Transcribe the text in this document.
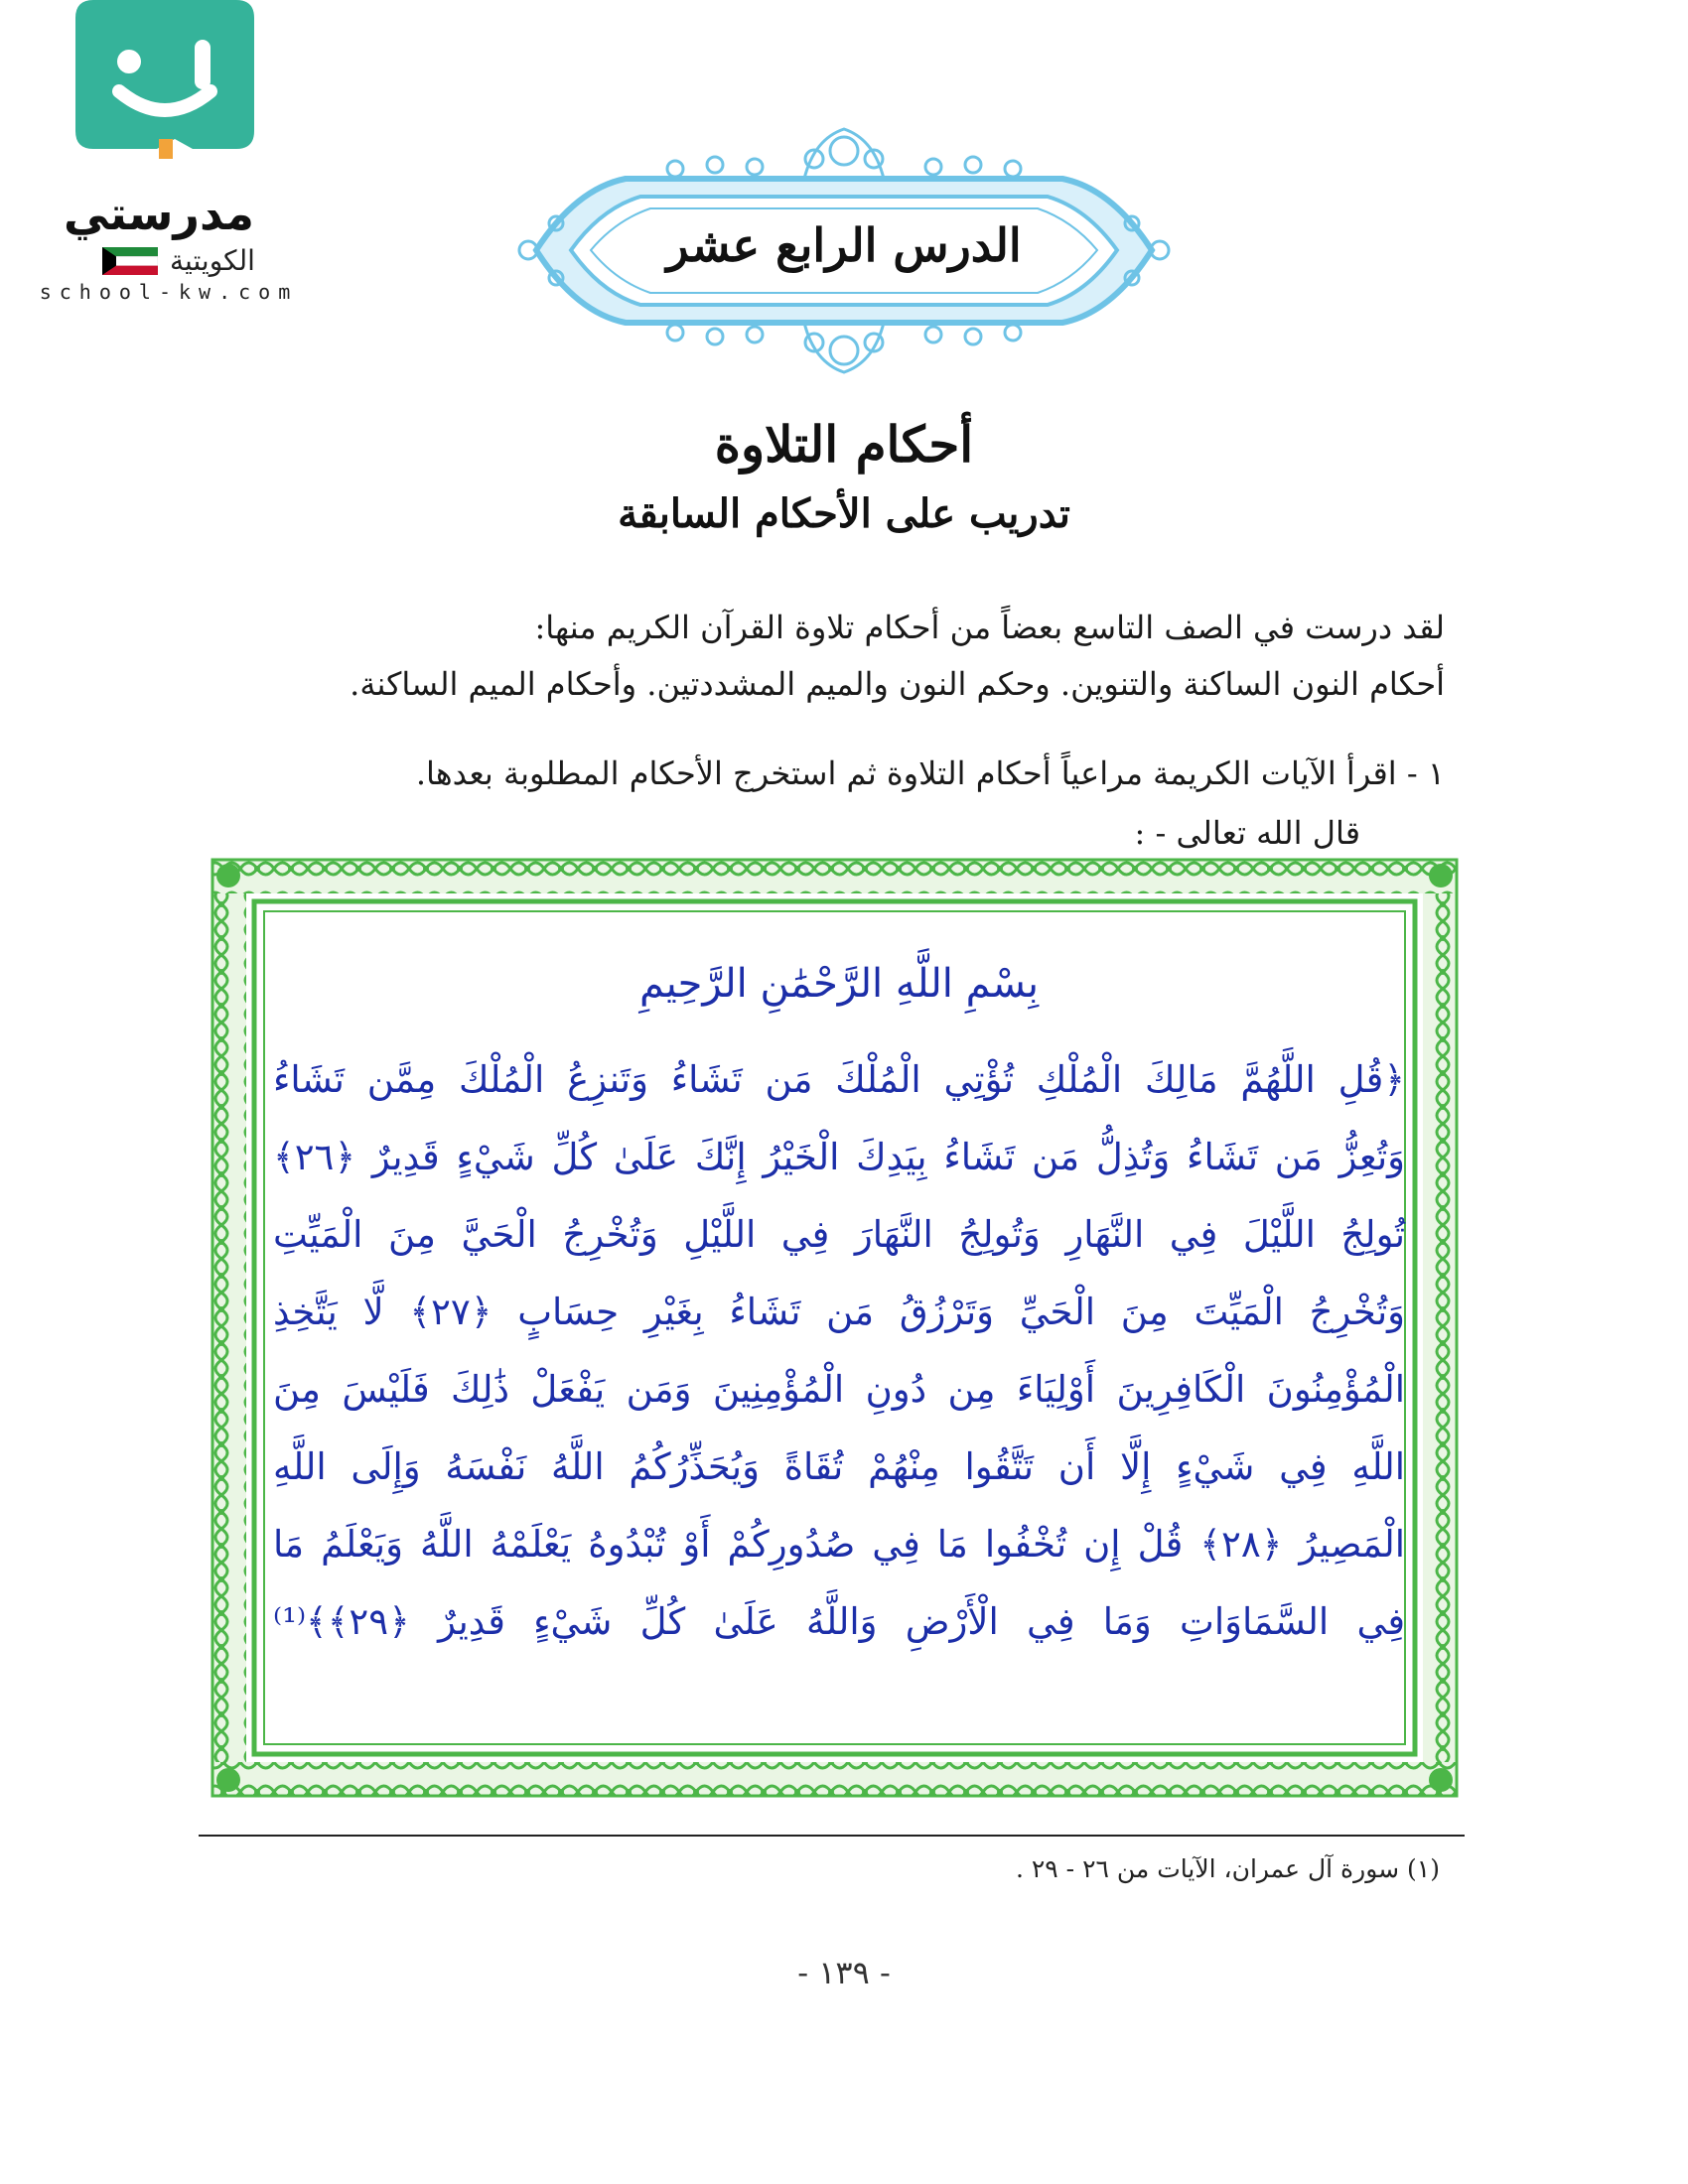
مدرستي
الكويتية
school-kw.com
الدرس الرابع عشر
أحكام التلاوة
تدريب على الأحكام السابقة
لقد درست في الصف التاسع بعضاً من أحكام تلاوة القرآن الكريم منها:
أحكام النون الساكنة والتنوين. وحكم النون والميم المشددتين. وأحكام الميم الساكنة.
١ - اقرأ الآيات الكريمة مراعياً أحكام التلاوة ثم استخرج الأحكام المطلوبة بعدها.
قال الله تعالى - :
بِسْمِ اللَّهِ الرَّحْمَٰنِ الرَّحِيمِ
﴿قُلِ اللَّهُمَّ مَالِكَ الْمُلْكِ تُؤْتِي الْمُلْكَ مَن تَشَاءُ وَتَنزِعُ الْمُلْكَ مِمَّن تَشَاءُ
وَتُعِزُّ مَن تَشَاءُ وَتُذِلُّ مَن تَشَاءُ بِيَدِكَ الْخَيْرُ إِنَّكَ عَلَىٰ كُلِّ شَيْءٍ قَدِيرٌ ﴿٢٦﴾
تُولِجُ اللَّيْلَ فِي النَّهَارِ وَتُولِجُ النَّهَارَ فِي اللَّيْلِ وَتُخْرِجُ الْحَيَّ مِنَ الْمَيِّتِ
وَتُخْرِجُ الْمَيِّتَ مِنَ الْحَيِّ وَتَرْزُقُ مَن تَشَاءُ بِغَيْرِ حِسَابٍ ﴿٢٧﴾ لَّا يَتَّخِذِ
الْمُؤْمِنُونَ الْكَافِرِينَ أَوْلِيَاءَ مِن دُونِ الْمُؤْمِنِينَ وَمَن يَفْعَلْ ذَٰلِكَ فَلَيْسَ مِنَ
اللَّهِ فِي شَيْءٍ إِلَّا أَن تَتَّقُوا مِنْهُمْ تُقَاةً وَيُحَذِّرُكُمُ اللَّهُ نَفْسَهُ وَإِلَى اللَّهِ
الْمَصِيرُ ﴿٢٨﴾ قُلْ إِن تُخْفُوا مَا فِي صُدُورِكُمْ أَوْ تُبْدُوهُ يَعْلَمْهُ اللَّهُ وَيَعْلَمُ مَا
فِي السَّمَاوَاتِ وَمَا فِي الْأَرْضِ وَاللَّهُ عَلَىٰ كُلِّ شَيْءٍ قَدِيرٌ ﴿٢٩﴾﴾⁽¹⁾
(١) سورة آل عمران، الآيات من ٢٦ - ٢٩ .
- ١٣٩ -
